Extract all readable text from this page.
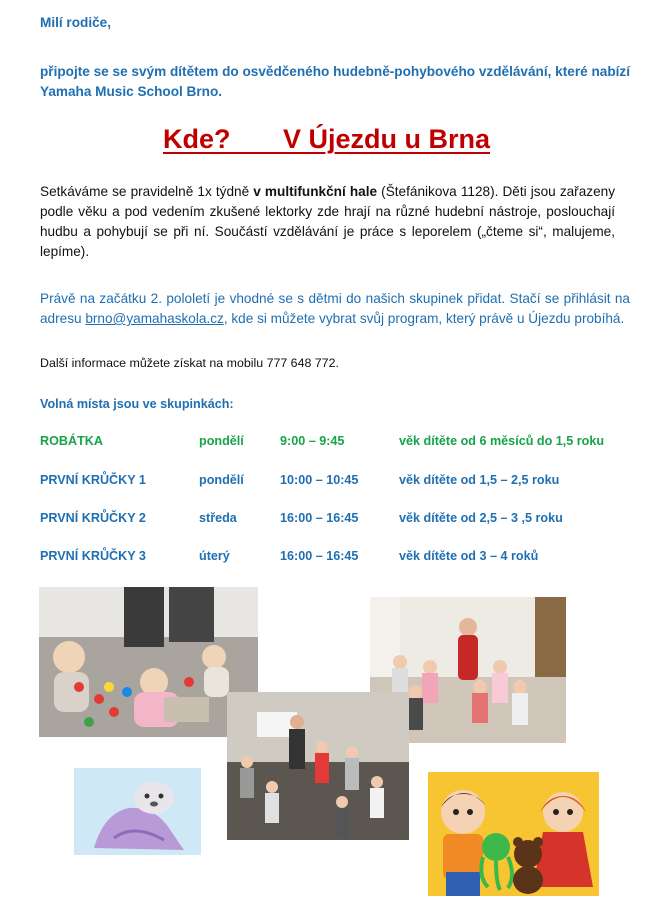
Milí rodiče,
připojte se se svým dítětem do osvědčeného hudebně-pohybového vzdělávání, které nabízí Yamaha Music School Brno.
Kde? V Újezdu u Brna

Setkáváme se pravidelně 1x týdně v multifunkční hale (Štefánikova 1128). Děti jsou zařazeny podle věku a pod vedením zkušené lektorky zde hrají na různé hudební nástroje, poslouchají hudbu a pohybují se při ní. Součástí vzdělávání je práce s leporelem („čteme si“, malujeme, lepíme).

Právě na začátku 2. pololetí je vhodné se s dětmi do našich skupinek přidat. Stačí se přihlásit na adresu brno@yamahaskola.cz, kde si můžete vybrat svůj program, který právě u Újezdu probíhá.

Další informace můžete získat na mobilu 777 648 772.
Volná místa jsou ve skupinkách:
ROBÁTKA	pondělí	9:00 – 9:45	věk dítěte od 6 měsíců do 1,5 roku
PRVNÍ KRŮČKY 1	pondělí	10:00 – 10:45	věk dítěte od 1,5 – 2,5 roku
PRVNÍ KRŮČKY 2	středa	16:00 – 16:45	věk dítěte od 2,5 – 3 ,5 roku
PRVNÍ KRŮČKY 3	úterý	16:00 – 16:45	věk dítěte od 3 – 4 roků
